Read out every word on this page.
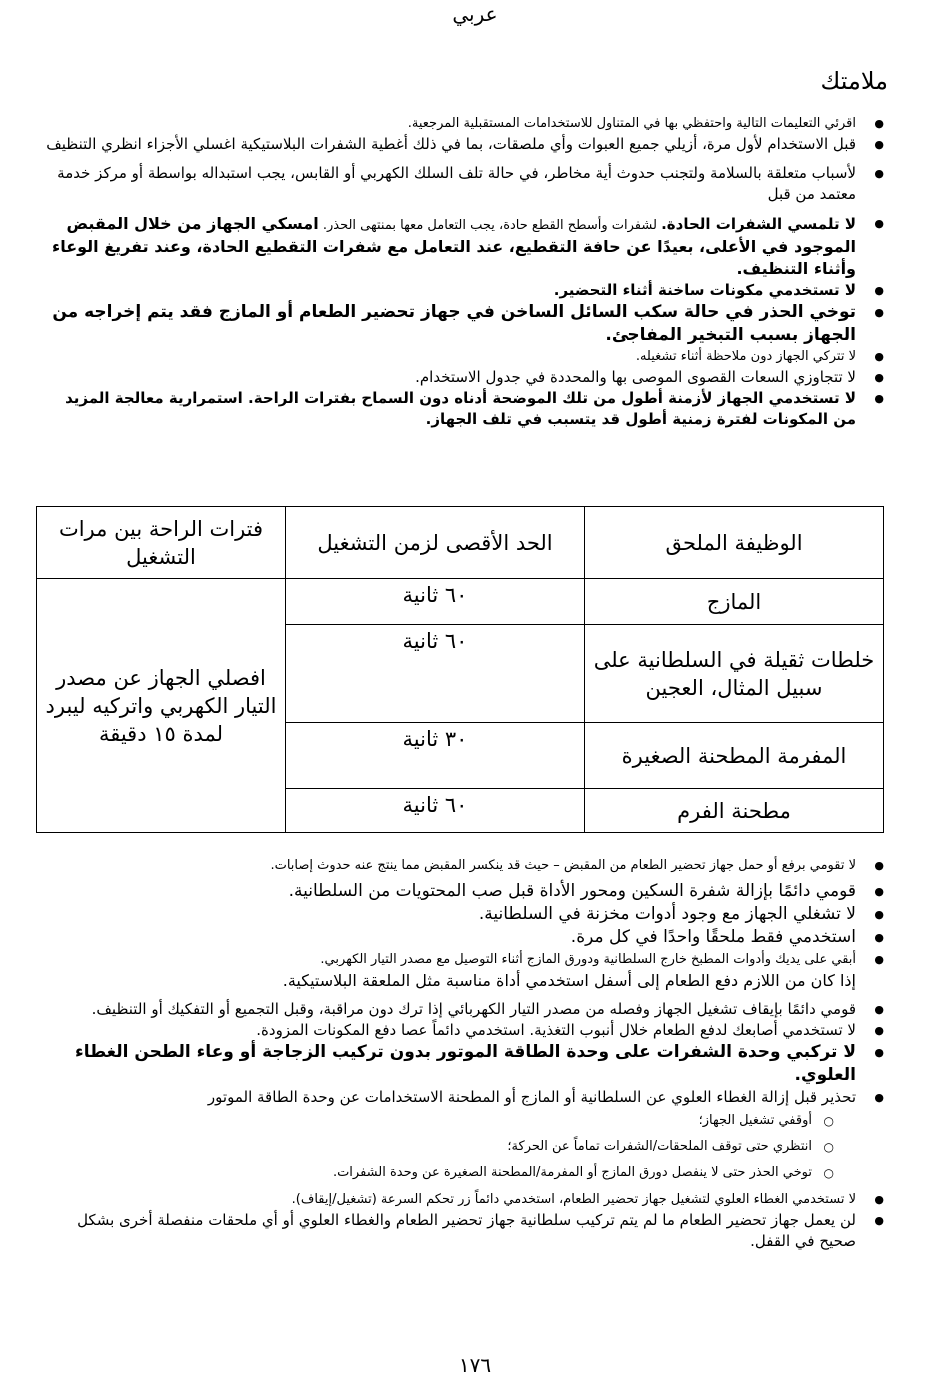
عربي
ملامتك
● اقرئي التعليمات التالية واحتفظي بها في المتناول للاستخدامات المستقبلية المرجعية.
● قبل الاستخدام لأول مرة، أزيلي جميع العبوات وأي ملصقات، بما في ذلك أغطية الشفرات البلاستيكية اغسلي الأجزاء انظري التنظيف
● لأسباب متعلقة بالسلامة ولتجنب حدوث أية مخاطر، في حالة تلف السلك الكهربي أو القابس، يجب استبداله بواسطة أو مركز خدمة معتمد من قبل
● لا تلمسي الشفرات الحادة. لشفرات وأسطح القطع حادة، يجب التعامل معها بمنتهى الحذر. امسكي الجهاز من خلال المقبض الموجود في الأعلى، بعيدًا عن حافة التقطيع، عند التعامل مع شفرات التقطيع الحادة، وعند تفريغ الوعاء وأثناء التنظيف.
● لا تستخدمي مكونات ساخنة أثناء التحضير.
● توخي الحذر في حالة سكب السائل الساخن في جهاز تحضير الطعام أو المازج فقد يتم إخراجه من الجهاز بسبب التبخير المفاجئ.
● لا تتركي الجهاز دون ملاحظة أثناء تشغيله.
● لا تتجاوزي السعات القصوى الموصى بها والمحددة في جدول الاستخدام.
● لا تستخدمي الجهاز لأزمنة أطول من تلك الموضحة أدناه دون السماح بفترات الراحة. استمرارية معالجة المزيد من المكونات لفترة زمنية أطول قد يتسبب في تلف الجهاز.
الوظيفة الملحق	الحد الأقصى لزمن التشغيل	فترات الراحة بين مرات التشغيل
المازج	٦٠ ثانية	افصلي الجهاز عن مصدر التيار الكهربي واتركيه ليبرد لمدة ١٥ دقيقة
خلطات ثقيلة في السلطانية على سبيل المثال، العجين	٦٠ ثانية	
المفرمة المطحنة الصغيرة	٣٠ ثانية	
مطحنة الفرم	٦٠ ثانية	
● لا تقومي برفع أو حمل جهاز تحضير الطعام من المقبض – حيث قد ينكسر المقبض مما ينتج عنه حدوث إصابات.
● قومي دائمًا بإزالة شفرة السكين ومحور الأداة قبل صب المحتويات من السلطانية.
● لا تشغلي الجهاز مع وجود أدوات مخزنة في السلطانية.
● استخدمي فقط ملحقًا واحدًا في كل مرة.
● أبقي على يديك وأدوات المطبخ خارج السلطانية ودورق المازج أثناء التوصيل مع مصدر التيار الكهربي.
إذا كان من اللازم دفع الطعام إلى أسفل استخدمي أداة مناسبة مثل الملعقة البلاستيكية.
● قومي دائمًا بإيقاف تشغيل الجهاز وفصله من مصدر التيار الكهربائي إذا ترك دون مراقبة، وقبل التجميع أو التفكيك أو التنظيف.
● لا تستخدمي أصابعك لدفع الطعام خلال أنبوب التغذية. استخدمي دائماً عصا دفع المكونات المزودة.
● لا تركبي وحدة الشفرات على وحدة الطاقة الموتور بدون تركيب الزجاجة أو وعاء الطحن الغطاء العلوي.
● تحذير قبل إزالة الغطاء العلوي عن السلطانية أو المازج أو المطحنة الاستخدامات عن وحدة الطاقة الموتور
○ أوقفي تشغيل الجهاز؛
○ انتظري حتى توقف الملحقات/الشفرات تماماً عن الحركة؛
○ توخي الحذر حتى لا ينفصل دورق المازج أو المفرمة/المطحنة الصغيرة عن وحدة الشفرات.
● لا تستخدمي الغطاء العلوي لتشغيل جهاز تحضير الطعام، استخدمي دائماً زر تحكم السرعة (تشغيل/إيقاف).
● لن يعمل جهاز تحضير الطعام ما لم يتم تركيب سلطانية جهاز تحضير الطعام والغطاء العلوي أو أي ملحقات منفصلة أخرى بشكل صحيح في القفل.
١٧٦
